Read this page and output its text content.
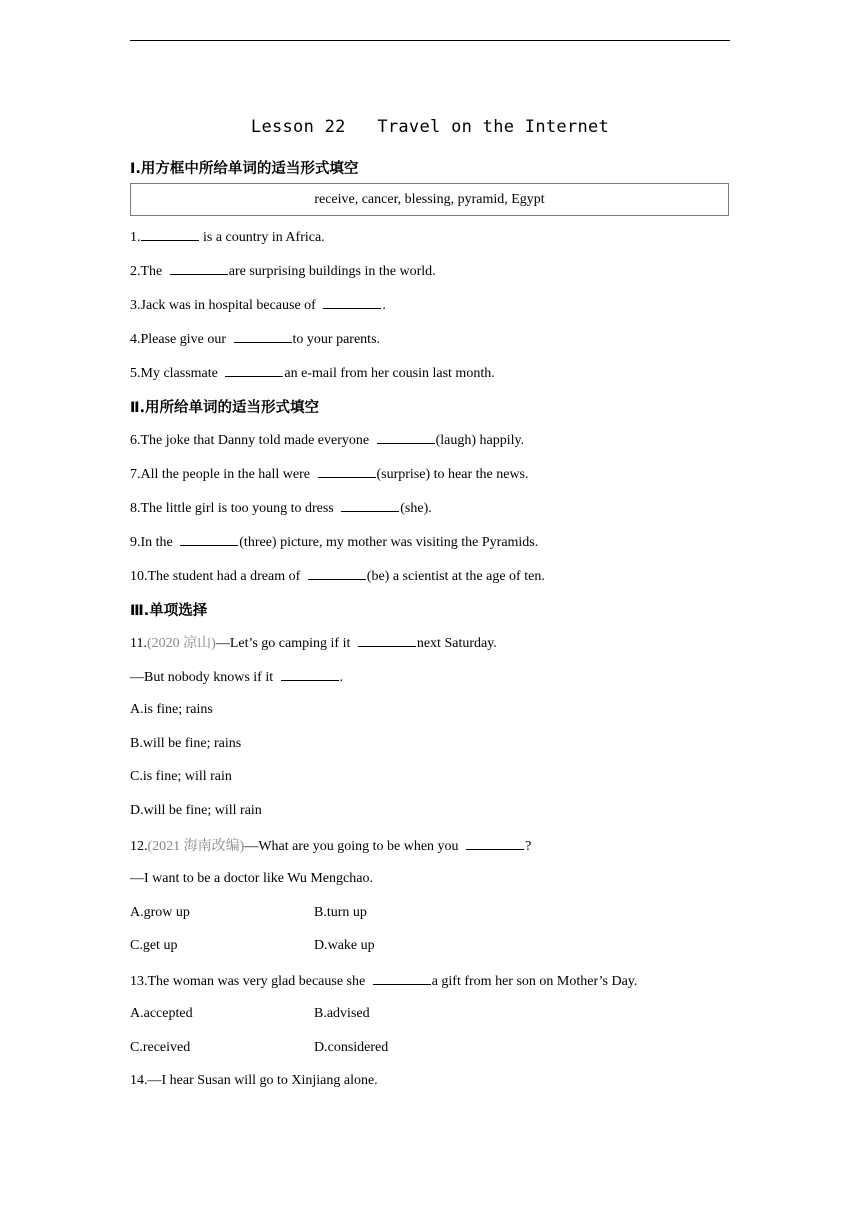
Lesson 22   Travel on the Internet
Ⅰ.用方框中所给单词的适当形式填空
receive, cancer, blessing, pyramid, Egypt
1.	is a country in Africa.
2.The	are surprising buildings in the world.
3.Jack was in hospital because of	.
4.Please give our	to your parents.
5.My classmate	an e-mail from her cousin last month.
Ⅱ.用所给单词的适当形式填空
6.The joke that Danny told made everyone	(laugh) happily.
7.All the people in the hall were	(surprise) to hear the news.
8.The little girl is too young to dress	(she).
9.In the	(three) picture, my mother was visiting the Pyramids.
10.The student had a dream of	(be) a scientist at the age of ten.
Ⅲ.单项选择
11.(2020 凉山)—Let’s go camping if it	next Saturday.
—But nobody knows if it	.
A.is fine; rains
B.will be fine; rains
C.is fine; will rain
D.will be fine; will rain
12.(2021 海南改编)—What are you going to be when you	?
—I want to be a doctor like Wu Mengchao.
A.grow up	B.turn up
C.get up	D.wake up
13.The woman was very glad because she	a gift from her son on Mother’s Day.
A.accepted	B.advised
C.received	D.considered
14.—I hear Susan will go to Xinjiang alone.
